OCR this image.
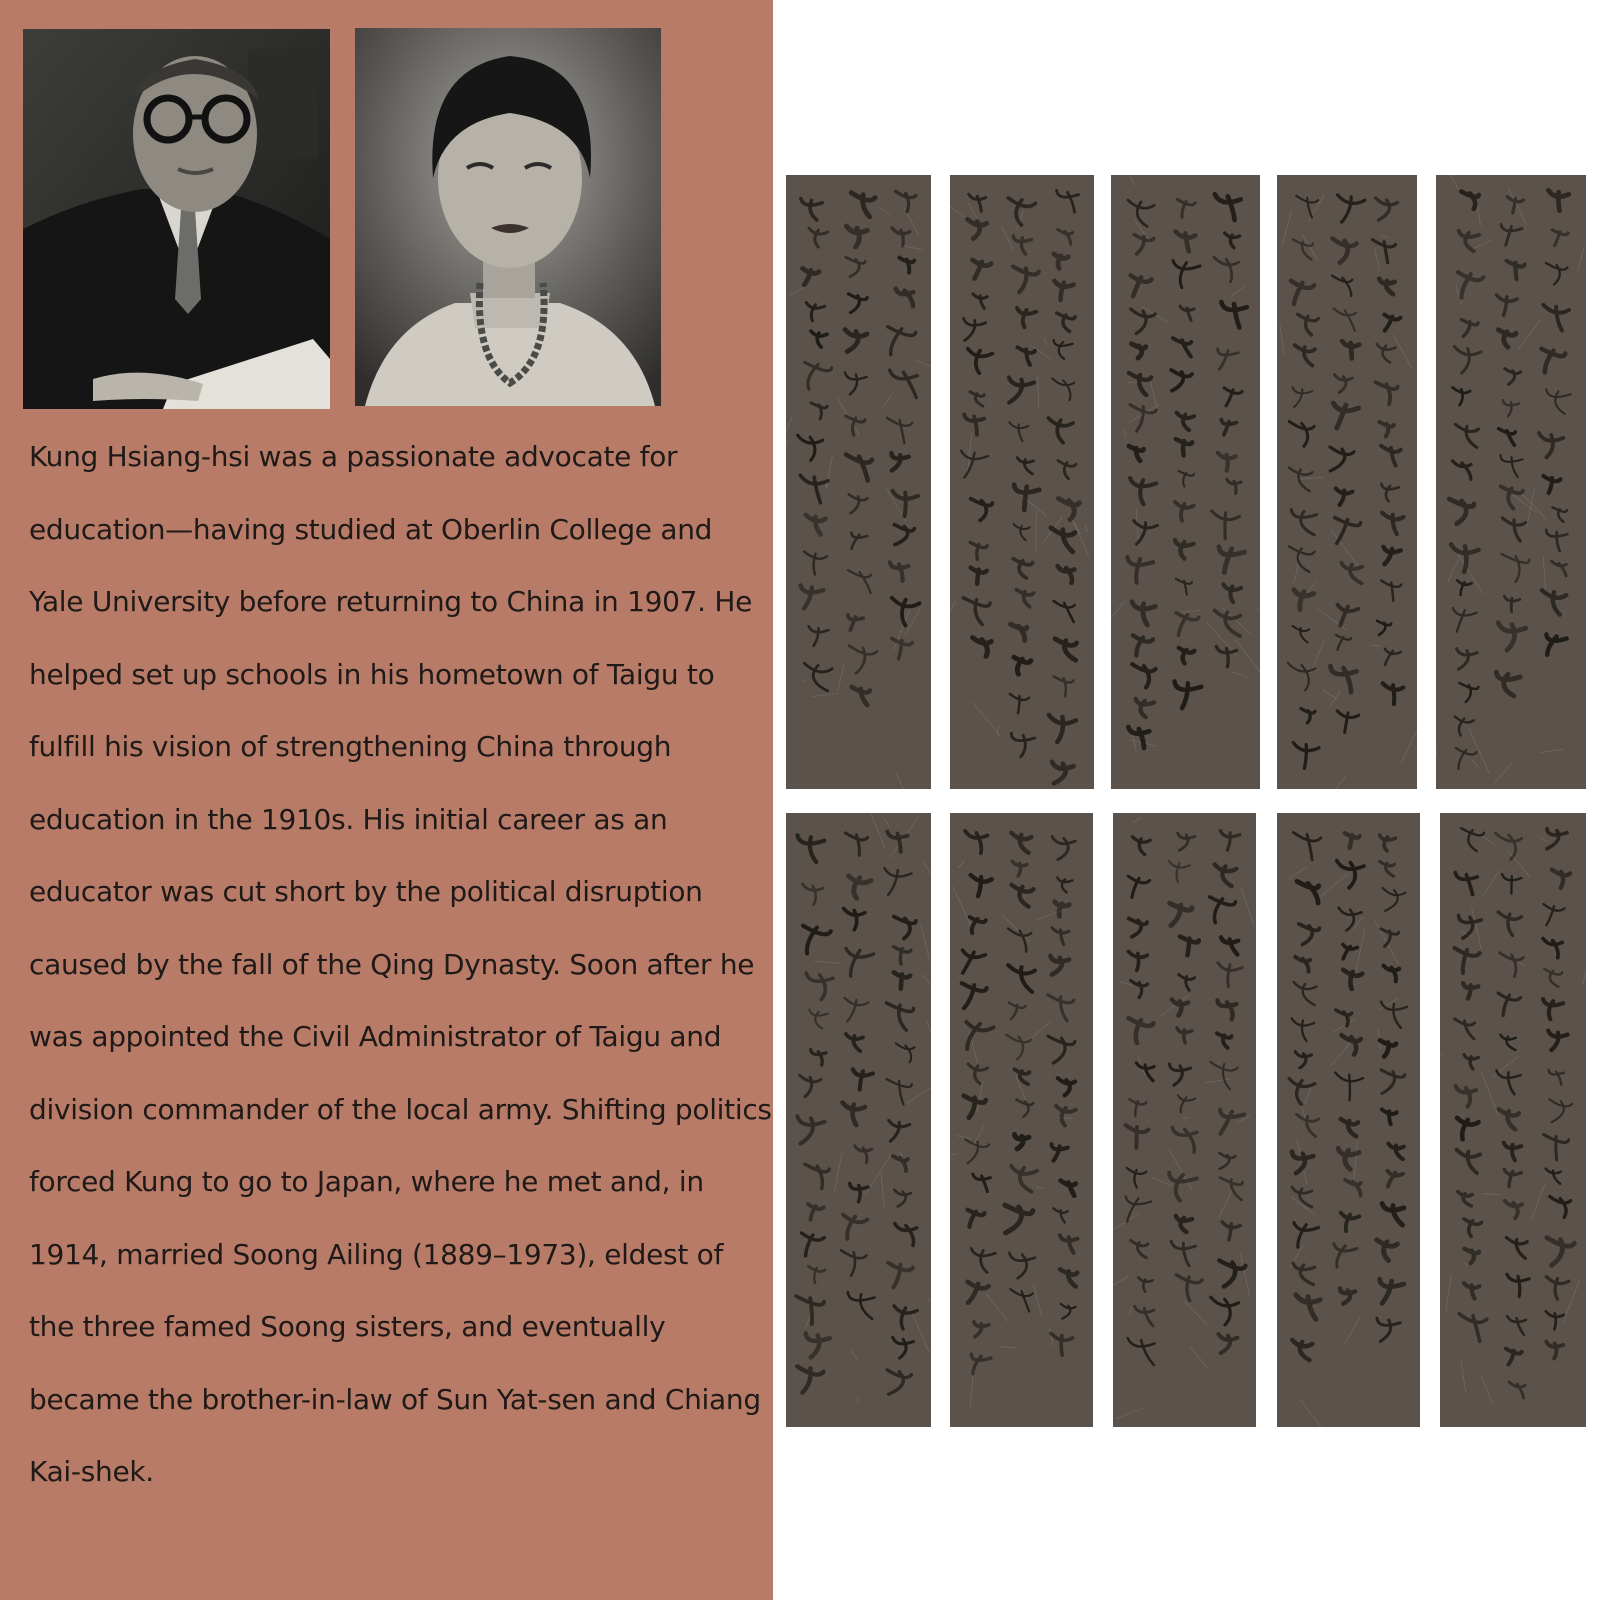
Kung Hsiang-hsi was a passionate advocate for education—having studied at Oberlin College and Yale University before returning to China in 1907. He helped set up schools in his hometown of Taigu to fulfill his vision of strengthening China through education in the 1910s. His initial career as an educator was cut short by the political disruption caused by the fall of the Qing Dynasty. Soon after he was appointed the Civil Administrator of Taigu and division commander of the local army. Shifting politics forced Kung to go to Japan, where he met and, in 1914, married Soong Ailing (1889–1973), eldest of the three famed Soong sisters, and eventually became the brother-in-law of Sun Yat-sen and Chiang Kai-shek.
